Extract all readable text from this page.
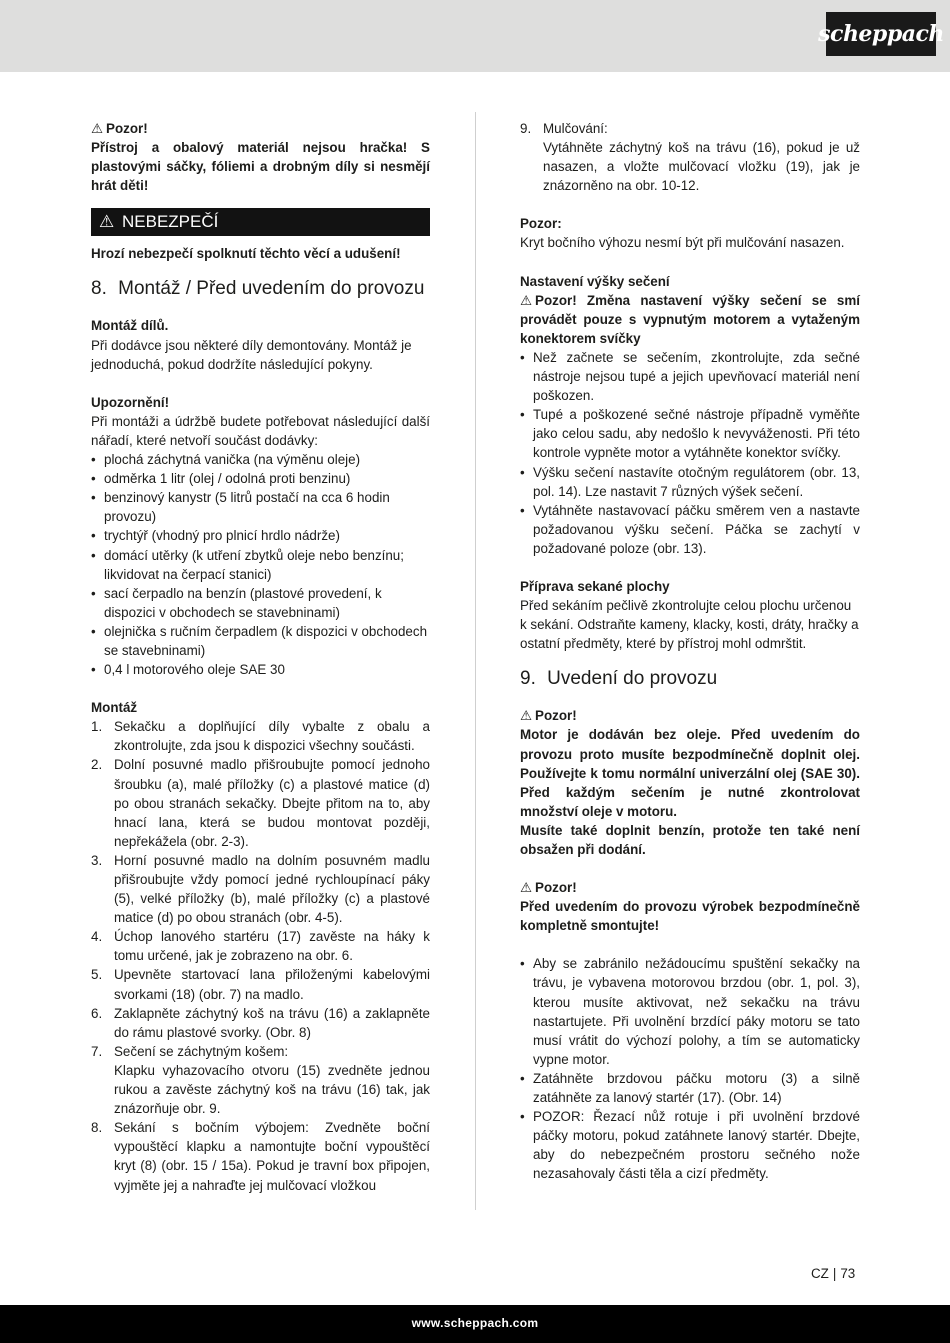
scheppach

⚠ Pozor!

Přístroj a obalový materiál nejsou hračka! S plastovými sáčky, fóliemi a drobným díly si nesmějí hrát děti!

⚠ NEBEZPEČÍ

Hrozí nebezpečí spolknutí těchto věcí a udušení!

8. Montáž / Před uvedením do provozu

Montáž dílů.

Při dodávce jsou některé díly demontovány. Montáž je jednoduchá, pokud dodržíte následující pokyny.

Upozornění!

Při montáži a údržbě budete potřebovat následující další nářadí, které netvoří součást dodávky:

• plochá záchytná vanička (na výměnu oleje)
• odměrka 1 litr (olej / odolná proti benzinu)
• benzinový kanystr (5 litrů postačí na cca 6 hodin provozu)
• trychtýř (vhodný pro plnicí hrdlo nádrže)
• domácí utěrky (k utření zbytků oleje nebo benzínu; likvidovat na čerpací stanici)
• sací čerpadlo na benzín (plastové provedení, k dispozici v obchodech se stavebninami)
• olejnička s ručním čerpadlem (k dispozici v obchodech se stavebninami)
• 0,4 l motorového oleje SAE 30

Montáž

1. Sekačku a doplňující díly vybalte z obalu a zkontrolujte, zda jsou k dispozici všechny součásti.
2. Dolní posuvné madlo přišroubujte pomocí jednoho šroubku (a), malé příložky (c) a plastové matice (d) po obou stranách sekačky. Dbejte přitom na to, aby hnací lana, která se budou montovat později, nepřekážela (obr. 2-3).
3. Horní posuvné madlo na dolním posuvném madlu přišroubujte vždy pomocí jedné rychloupínací páky (5), velké příložky (b), malé příložky (c) a plastové matice (d) po obou stranách (obr. 4-5).
4. Úchop lanového startéru (17) zavěste na háky k tomu určené, jak je zobrazeno na obr. 6.
5. Upevněte startovací lana přiloženými kabelovými svorkami (18) (obr. 7) na madlo.
6. Zaklapněte záchytný koš na trávu (16) a zaklapněte do rámu plastové svorky. (Obr. 8)
7. Sečení se záchytným košem:
Klapku vyhazovacího otvoru (15) zvedněte jednou rukou a zavěste záchytný koš na trávu (16) tak, jak znázorňuje obr. 9.
8. Sekání s bočním výbojem: Zvedněte boční vypouštěcí klapku a namontujte boční vypouštěcí kryt (8) (obr. 15 / 15a). Pokud je travní box připojen, vyjměte jej a nahraďte jej mulčovací vložkou
9. Mulčování:
Vytáhněte záchytný koš na trávu (16), pokud je už nasazen, a vložte mulčovací vložku (19), jak je znázorněno na obr. 10-12.

Pozor:

Kryt bočního výhozu nesmí být při mulčování nasazen.

Nastavení výšky sečení

⚠ Pozor! Změna nastavení výšky sečení se smí provádět pouze s vypnutým motorem a vytaženým konektorem svíčky

• Než začnete se sečením, zkontrolujte, zda sečné nástroje nejsou tupé a jejich upevňovací materiál není poškozen.
• Tupé a poškozené sečné nástroje případně vyměňte jako celou sadu, aby nedošlo k nevyváženosti. Při této kontrole vypněte motor a vytáhněte konektor svíčky.
• Výšku sečení nastavíte otočným regulátorem (obr. 13, pol. 14). Lze nastavit 7 různých výšek sečení.
• Vytáhněte nastavovací páčku směrem ven a nastavte požadovanou výšku sečení. Páčka se zachytí v požadované poloze (obr. 13).

Příprava sekané plochy

Před sekáním pečlivě zkontrolujte celou plochu určenou k sekání. Odstraňte kameny, klacky, kosti, dráty, hračky a ostatní předměty, které by přístroj mohl odmrštit.

9. Uvedení do provozu

⚠ Pozor!

Motor je dodáván bez oleje. Před uvedením do provozu proto musíte bezpodmínečně doplnit olej. Používejte k tomu normální univerzální olej (SAE 30). Před každým sečením je nutné zkontrolovat množství oleje v motoru.

Musíte také doplnit benzín, protože ten také není obsažen při dodání.

⚠ Pozor!

Před uvedením do provozu výrobek bezpodmínečně kompletně smontujte!

• Aby se zabránilo nežádoucímu spuštění sekačky na trávu, je vybavena motorovou brzdou (obr. 1, pol. 3), kterou musíte aktivovat, než sekačku na trávu nastartujete. Při uvolnění brzdící páky motoru se tato musí vrátit do výchozí polohy, a tím se automaticky vypne motor.
• Zatáhněte brzdovou páčku motoru (3) a silně zatáhněte za lanový startér (17). (Obr. 14)
• POZOR: Řezací nůž rotuje i při uvolnění brzdové páčky motoru, pokud zatáhnete lanový startér. Dbejte, aby do nebezpečném prostoru sečného nože nezasahovaly části těla a cizí předměty.
CZ | 73
www.scheppach.com
